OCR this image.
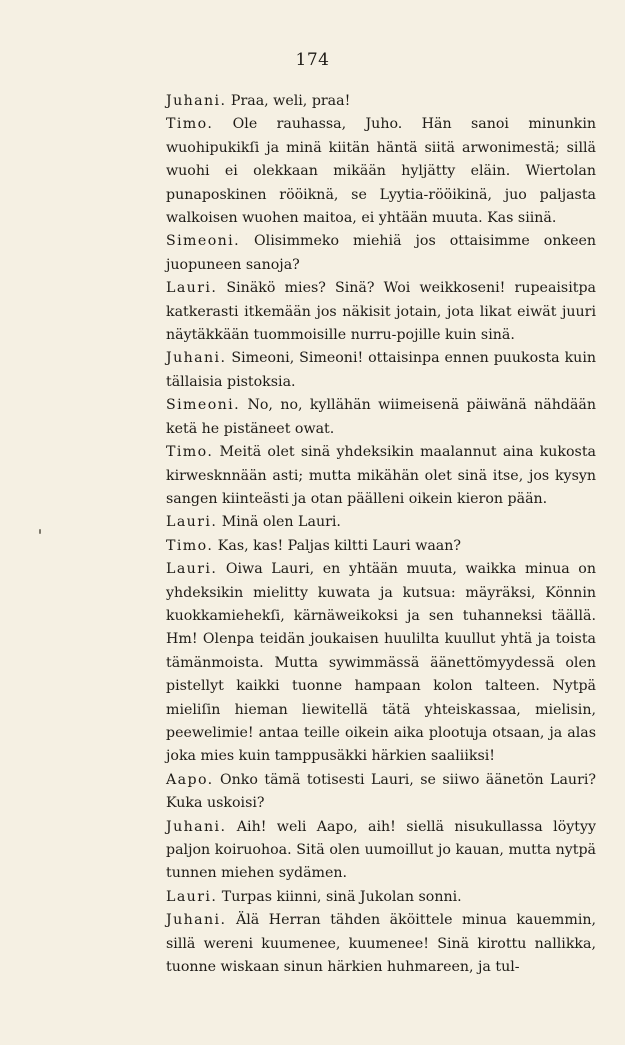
174

Juhani. Praa, weli, praa!

Timo. Ole rauhassa, Juho. Hän sanoi minunkin wuohipukikſi ja minä kiitän häntä siitä arwonimestä; sillä wuohi ei olekkaan mikään hyljätty eläin. Wiertolan punaposkinen rööiknä, se Lyytia-rööikinä, juo paljasta walkoisen wuohen maitoa, ei yhtään muuta. Kas siinä.

Simeoni. Olisimmeko miehiä jos ottaisimme onkeen juopuneen sanoja?

Lauri. Sinäkö mies? Sinä? Woi weikkoseni! rupeaisitpa katkerasti itkemään jos näkisit jotain, jota likat eiwät juuri näytäkkään tuommoisille nurru-pojille kuin sinä.

Juhani. Simeoni, Simeoni! ottaisinpa ennen puukosta kuin tällaisia pistoksia.

Simeoni. No, no, kyllähän wiimeisenä päiwänä nähdään ketä he pistäneet owat.

Timo. Meitä olet sinä yhdeksikin maalannut aina kukosta kirwesknnään asti; mutta mikähän olet sinä itse, jos kysyn sangen kiinteästi ja otan päälleni oikein kieron pään.

Lauri. Minä olen Lauri.

Timo. Kas, kas! Paljas kiltti Lauri waan?

Lauri. Oiwa Lauri, en yhtään muuta, waikka minua on yhdeksikin mielitty kuwata ja kutsua: mäyräksi, Könnin kuokkamiehekſi, kärnäweikoksi ja sen tuhanneksi täällä. Hm! Olenpa teidän joukaisen huulilta kuullut yhtä ja toista tämänmoista. Mutta sywimmässä äänettömyydessä olen pistellyt kaikki tuonne hampaan kolon talteen. Nytpä mieliſin hieman liewitellä tätä yhteiskassaa, mielisin, peewelimie! antaa teille oikein aika plootuja otsaan, ja alas joka mies kuin tamppusäkki härkien saaliiksi!

Aapo. Onko tämä totisesti Lauri, se siiwo äänetön Lauri? Kuka uskoisi?

Juhani. Aih! weli Aapo, aih! siellä nisukullassa löytyy paljon koiruohoa. Sitä olen uumoillut jo kauan, mutta nytpä tunnen miehen sydämen.

Lauri. Turpas kiinni, sinä Jukolan sonni.

Juhani. Älä Herran tähden äköittele minua kauemmin, sillä wereni kuumenee, kuumenee! Sinä kirottu nallikka, tuonne wiskaan sinun härkien huhmareen, ja tul-
